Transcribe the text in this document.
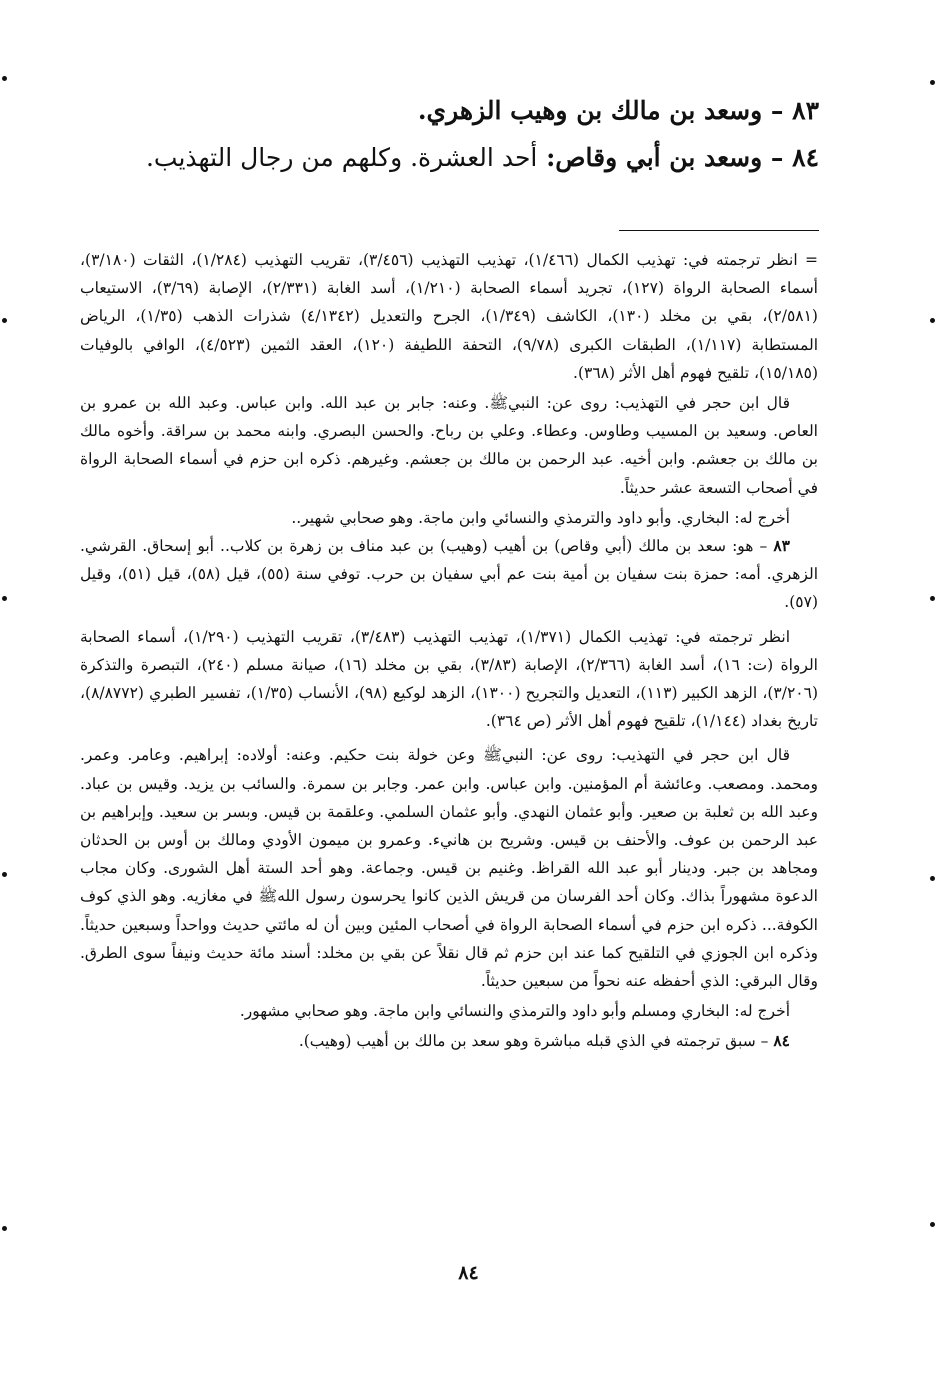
٨٣ – وسعد بن مالك بن وهيب الزهري.

٨٤ – وسعد بن أبي وقاص: أحد العشرة. وكلهم من رجال التهذيب.

= انظر ترجمته في: تهذيب الكمال (١/٤٦٦)، تهذيب التهذيب (٣/٤٥٦)، تقريب التهذيب (١/٢٨٤)، الثقات (٣/١٨٠)، أسماء الصحابة الرواة (١٢٧)، تجريد أسماء الصحابة (١/٢١٠)، أسد الغابة (٢/٣٣١)، الإصابة (٣/٦٩)، الاستيعاب (٢/٥٨١)، بقي بن مخلد (١٣٠)، الكاشف (١/٣٤٩)، الجرح والتعديل (٤/١٣٤٢) شذرات الذهب (١/٣٥)، الرياض المستطابة (١/١١٧)، الطبقات الكبرى (٩/٧٨)، التحفة اللطيفة (١٢٠)، العقد الثمين (٤/٥٢٣)، الوافي بالوفيات (١٥/١٨٥)، تلقيح فهوم أهل الأثر (٣٦٨).

قال ابن حجر في التهذيب: روى عن: النبيﷺ. وعنه: جابر بن عبد الله. وابن عباس. وعبد الله بن عمرو بن العاص. وسعيد بن المسيب وطاوس. وعطاء. وعلي بن رباح. والحسن البصري. وابنه محمد بن سراقة. وأخوه مالك بن مالك بن جعشم. وابن أخيه. عبد الرحمن بن مالك بن جعشم. وغيرهم. ذكره ابن حزم في أسماء الصحابة الرواة في أصحاب التسعة عشر حديثاً.

أخرج له: البخاري. وأبو داود والترمذي والنسائي وابن ماجة. وهو صحابي شهير..

٨٣ – هو: سعد بن مالك (أبي وقاص) بن أهيب (وهيب) بن عبد مناف بن زهرة بن كلاب.. أبو إسحاق. القرشي. الزهري. أمه: حمزة بنت سفيان بن أمية بنت عم أبي سفيان بن حرب. توفي سنة (٥٥)، قيل (٥٨)، قيل (٥١)، وقيل (٥٧).

انظر ترجمته في: تهذيب الكمال (١/٣٧١)، تهذيب التهذيب (٣/٤٨٣)، تقريب التهذيب (١/٢٩٠)، أسماء الصحابة الرواة (ت: ١٦)، أسد الغابة (٢/٣٦٦)، الإصابة (٣/٨٣)، بقي بن مخلد (١٦)، صيانة مسلم (٢٤٠)، التبصرة والتذكرة (٣/٢٠٦)، الزهد الكبير (١١٣)، التعديل والتجريح (١٣٠٠)، الزهد لوكيع (٩٨)، الأنساب (١/٣٥)، تفسير الطبري (٨/٨٧٧٢)، تاريخ بغداد (١/١٤٤)، تلقيح فهوم أهل الأثر (ص ٣٦٤).

قال ابن حجر في التهذيب: روى عن: النبيﷺ وعن خولة بنت حكيم. وعنه: أولاده: إبراهيم. وعامر. وعمر. ومحمد. ومصعب. وعائشة أم المؤمنين. وابن عباس. وابن عمر. وجابر بن سمرة. والسائب بن يزيد. وقيس بن عباد. وعبد الله بن ثعلبة بن صعير. وأبو عثمان النهدي. وأبو عثمان السلمي. وعلقمة بن قيس. وبسر بن سعيد. وإبراهيم بن عبد الرحمن بن عوف. والأحنف بن قيس. وشريح بن هانيء. وعمرو بن ميمون الأودي ومالك بن أوس بن الحدثان ومجاهد بن جبر. ودينار أبو عبد الله القراظ. وغنيم بن قيس. وجماعة. وهو أحد الستة أهل الشورى. وكان مجاب الدعوة مشهوراً بذاك. وكان أحد الفرسان من قريش الذين كانوا يحرسون رسول اللهﷺ في مغازيه. وهو الذي كوف الكوفة... ذكره ابن حزم في أسماء الصحابة الرواة في أصحاب المئين وبين أن له مائتي حديث وواحداً وسبعين حديثاً. وذكره ابن الجوزي في التلقيح كما عند ابن حزم ثم قال نقلاً عن بقي بن مخلد: أسند مائة حديث ونيفاً سوى الطرق. وقال البرقي: الذي أحفظه عنه نحواً من سبعين حديثاً.

أخرج له: البخاري ومسلم وأبو داود والترمذي والنسائي وابن ماجة. وهو صحابي مشهور.

٨٤ – سبق ترجمته في الذي قبله مباشرة وهو سعد بن مالك بن أهيب (وهيب).

٨٤
